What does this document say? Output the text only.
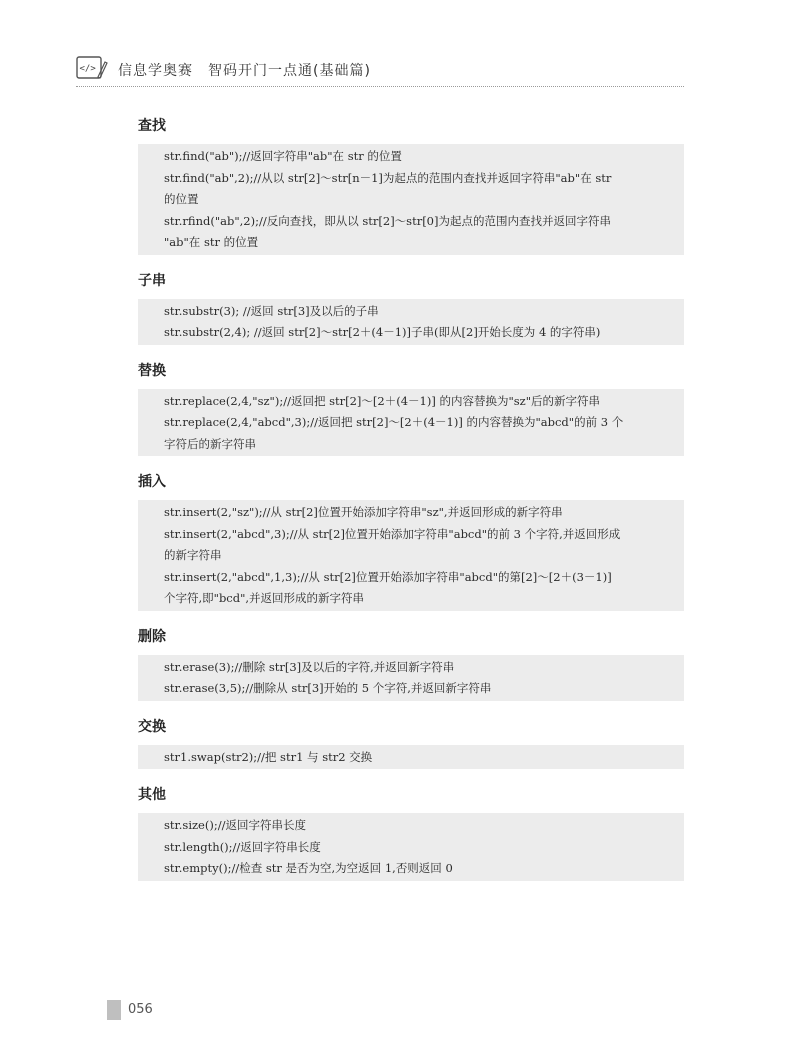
</> 信息学奥赛　智码开门一点通(基础篇)
查找
str.find("ab");//返回字符串"ab"在 str 的位置
str.find("ab",2);//从以 str[2]～str[n－1]为起点的范围内查找并返回字符串"ab"在 str
的位置
str.rfind("ab",2);//反向查找，即从以 str[2]～str[0]为起点的范围内查找并返回字符串
"ab"在 str 的位置
子串
str.substr(3); //返回 str[3]及以后的子串
str.substr(2,4); //返回 str[2]～str[2＋(4－1)]子串(即从[2]开始长度为 4 的字符串)
替换
str.replace(2,4,"sz");//返回把 str[2]～[2＋(4－1)] 的内容替换为"sz"后的新字符串
str.replace(2,4,"abcd",3);//返回把 str[2]～[2＋(4－1)] 的内容替换为"abcd"的前 3 个
字符后的新字符串
插入
str.insert(2,"sz");//从 str[2]位置开始添加字符串"sz",并返回形成的新字符串
str.insert(2,"abcd",3);//从 str[2]位置开始添加字符串"abcd"的前 3 个字符,并返回形成
的新字符串
str.insert(2,"abcd",1,3);//从 str[2]位置开始添加字符串"abcd"的第[2]～[2＋(3－1)]
个字符,即"bcd",并返回形成的新字符串
删除
str.erase(3);//删除 str[3]及以后的字符,并返回新字符串
str.erase(3,5);//删除从 str[3]开始的 5 个字符,并返回新字符串
交换
str1.swap(str2);//把 str1 与 str2 交换
其他
str.size();//返回字符串长度
str.length();//返回字符串长度
str.empty();//检查 str 是否为空,为空返回 1,否则返回 0
056
